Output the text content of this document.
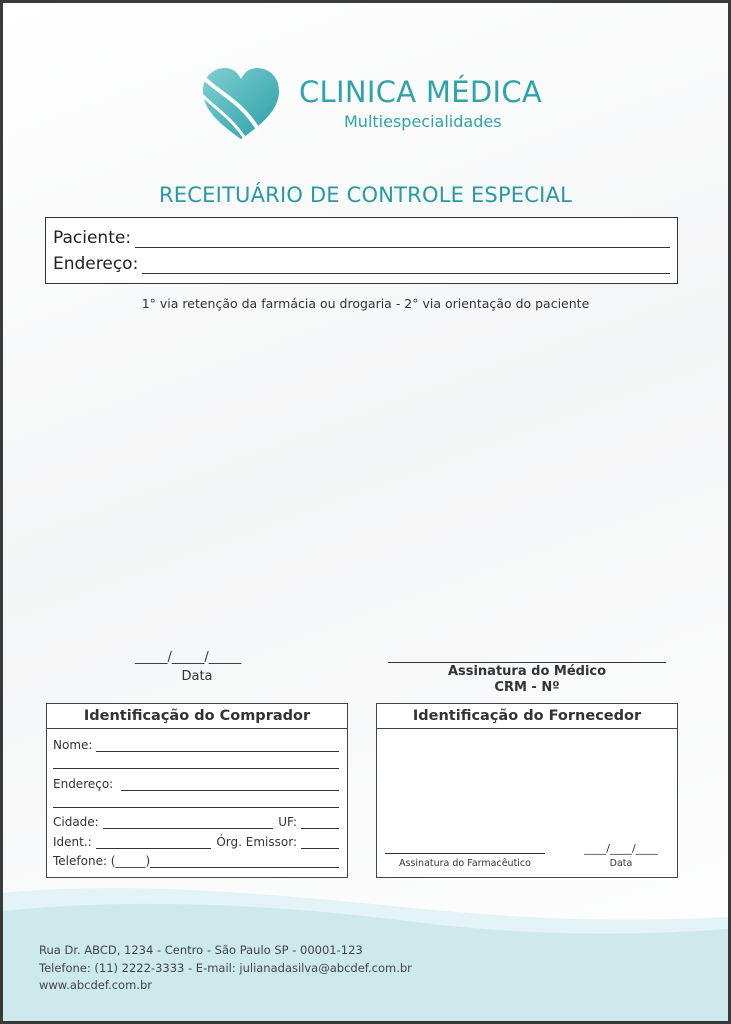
CLINICA MÉDICA
Multiespecialidades
RECEITUÁRIO DE CONTROLE ESPECIAL
Paciente:
Endereço:
1° via retenção da farmácia ou drogaria - 2° via orientação do paciente
_____/_____/_____
Data	Assinatura do Médico
CRM - Nº
Identificação do Comprador
Nome:
Endereço:
Cidade:	UF:
Ident.:	Órg. Emissor:
Telefone: (_____)
Identificação do Fornecedor
Assinatura do Farmacêutico
____/____/____
Data
Rua Dr. ABCD, 1234 - Centro - São Paulo SP - 00001-123
Telefone: (11) 2222-3333 - E-mail: julianadasilva@abcdef.com.br
www.abcdef.com.br
